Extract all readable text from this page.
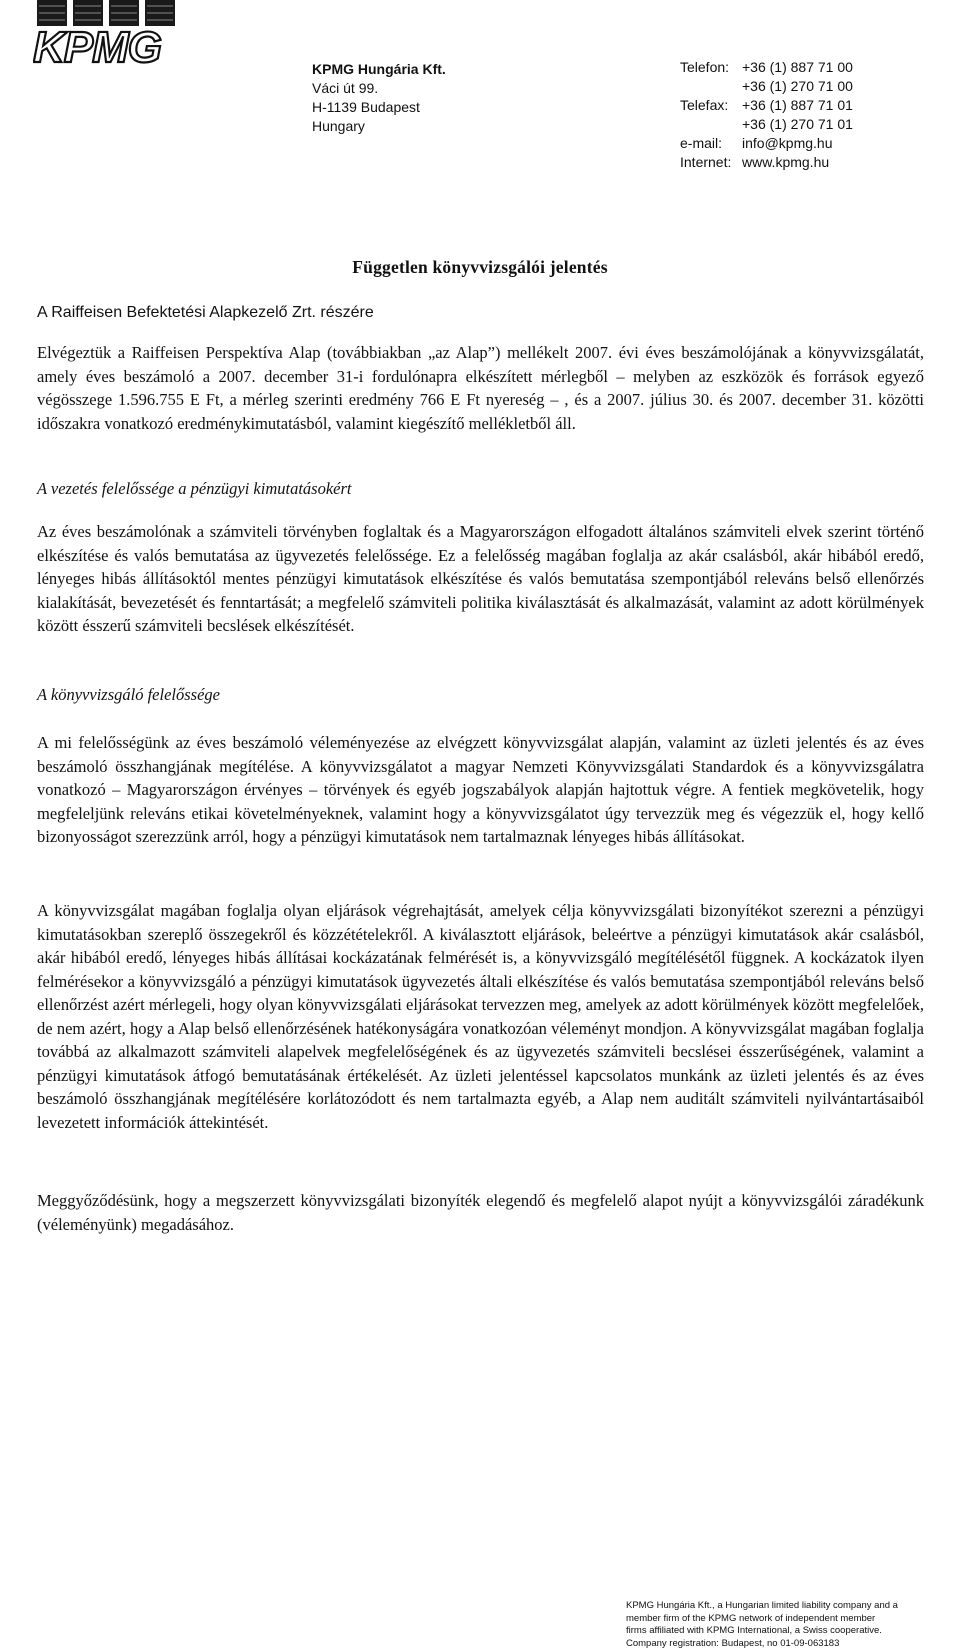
KPMG	KPMG Hungária Kft.
Váci út 99.
H-1139 Budapest
Hungary
Telefon: +36 (1) 887 71 00
+36 (1) 270 71 00
Telefax: +36 (1) 887 71 01
+36 (1) 270 71 01
e-mail:	info@kpmg.hu
Internet: www.kpmg.hu
Független könyvvizsgálói jelentés
A Raiffeisen Befektetési Alapkezelő Zrt. részére

Elvégeztük a Raiffeisen Perspektíva Alap (továbbiakban „az Alap”) mellékelt 2007. évi éves beszámolójának a könyvvizsgálatát, amely éves beszámoló a 2007. december 31-i fordulónapra elkészített mérlegből – melyben az eszközök és források egyező végösszege 1.596.755 E Ft, a mérleg szerinti eredmény 766 E Ft nyereség – , és a 2007. július 30. és 2007. december 31. közötti időszakra vonatkozó eredménykimutatásból, valamint kiegészítő mellékletből áll.

A vezetés felelőssége a pénzügyi kimutatásokért

Az éves beszámolónak a számviteli törvényben foglaltak és a Magyarországon elfogadott általános számviteli elvek szerint történő elkészítése és valós bemutatása az ügyvezetés felelőssége. Ez a felelősség magában foglalja az akár csalásból, akár hibából eredő, lényeges hibás állításoktól mentes pénzügyi kimutatások elkészítése és valós bemutatása szempontjából releváns belső ellenőrzés kialakítását, bevezetését és fenntartását; a megfelelő számviteli politika kiválasztását és alkalmazását, valamint az adott körülmények között ésszerű számviteli becslések elkészítését.

A könyvvizsgáló felelőssége

A mi felelősségünk az éves beszámoló véleményezése az elvégzett könyvvizsgálat alapján, valamint az üzleti jelentés és az éves beszámoló összhangjának megítélése. A könyvvizsgálatot a magyar Nemzeti Könyvvizsgálati Standardok és a könyvvizsgálatra vonatkozó – Magyarországon érvényes – törvények és egyéb jogszabályok alapján hajtottuk végre. A fentiek megkövetelik, hogy megfeleljünk releváns etikai követelményeknek, valamint hogy a könyvvizsgálatot úgy tervezzük meg és végezzük el, hogy kellő bizonyosságot szerezzünk arról, hogy a pénzügyi kimutatások nem tartalmaznak lényeges hibás állításokat.

A könyvvizsgálat magában foglalja olyan eljárások végrehajtását, amelyek célja könyvvizsgálati bizonyítékot szerezni a pénzügyi kimutatásokban szereplő összegekről és közzétételekről. A kiválasztott eljárások, beleértve a pénzügyi kimutatások akár csalásból, akár hibából eredő, lényeges hibás állításai kockázatának felmérését is, a könyvvizsgáló megítélésétől függnek. A kockázatok ilyen felmérésekor a könyvvizsgáló a pénzügyi kimutatások ügyvezetés általi elkészítése és valós bemutatása szempontjából releváns belső ellenőrzést azért mérlegeli, hogy olyan könyvvizsgálati eljárásokat tervezzen meg, amelyek az adott körülmények között megfelelőek, de nem azért, hogy a Alap belső ellenőrzésének hatékonyságára vonatkozóan véleményt mondjon. A könyvvizsgálat magában foglalja továbbá az alkalmazott számviteli alapelvek megfelelőségének és az ügyvezetés számviteli becslései ésszerűségének, valamint a pénzügyi kimutatások átfogó bemutatásának értékelését. Az üzleti jelentéssel kapcsolatos munkánk az üzleti jelentés és az éves beszámoló összhangjának megítélésére korlátozódott és nem tartalmazta egyéb, a Alap nem auditált számviteli nyilvántartásaiból levezetett információk áttekintését.

Meggyőződésünk, hogy a megszerzett könyvvizsgálati bizonyíték elegendő és megfelelő alapot nyújt a könyvvizsgálói záradékunk (véleményünk) megadásához.

KPMG Hungária Kft., a Hungarian limited liability company and a
member firm of the KPMG network of independent member
firms affiliated with KPMG International, a Swiss cooperative.
Company registration: Budapest, no 01-09-063183
